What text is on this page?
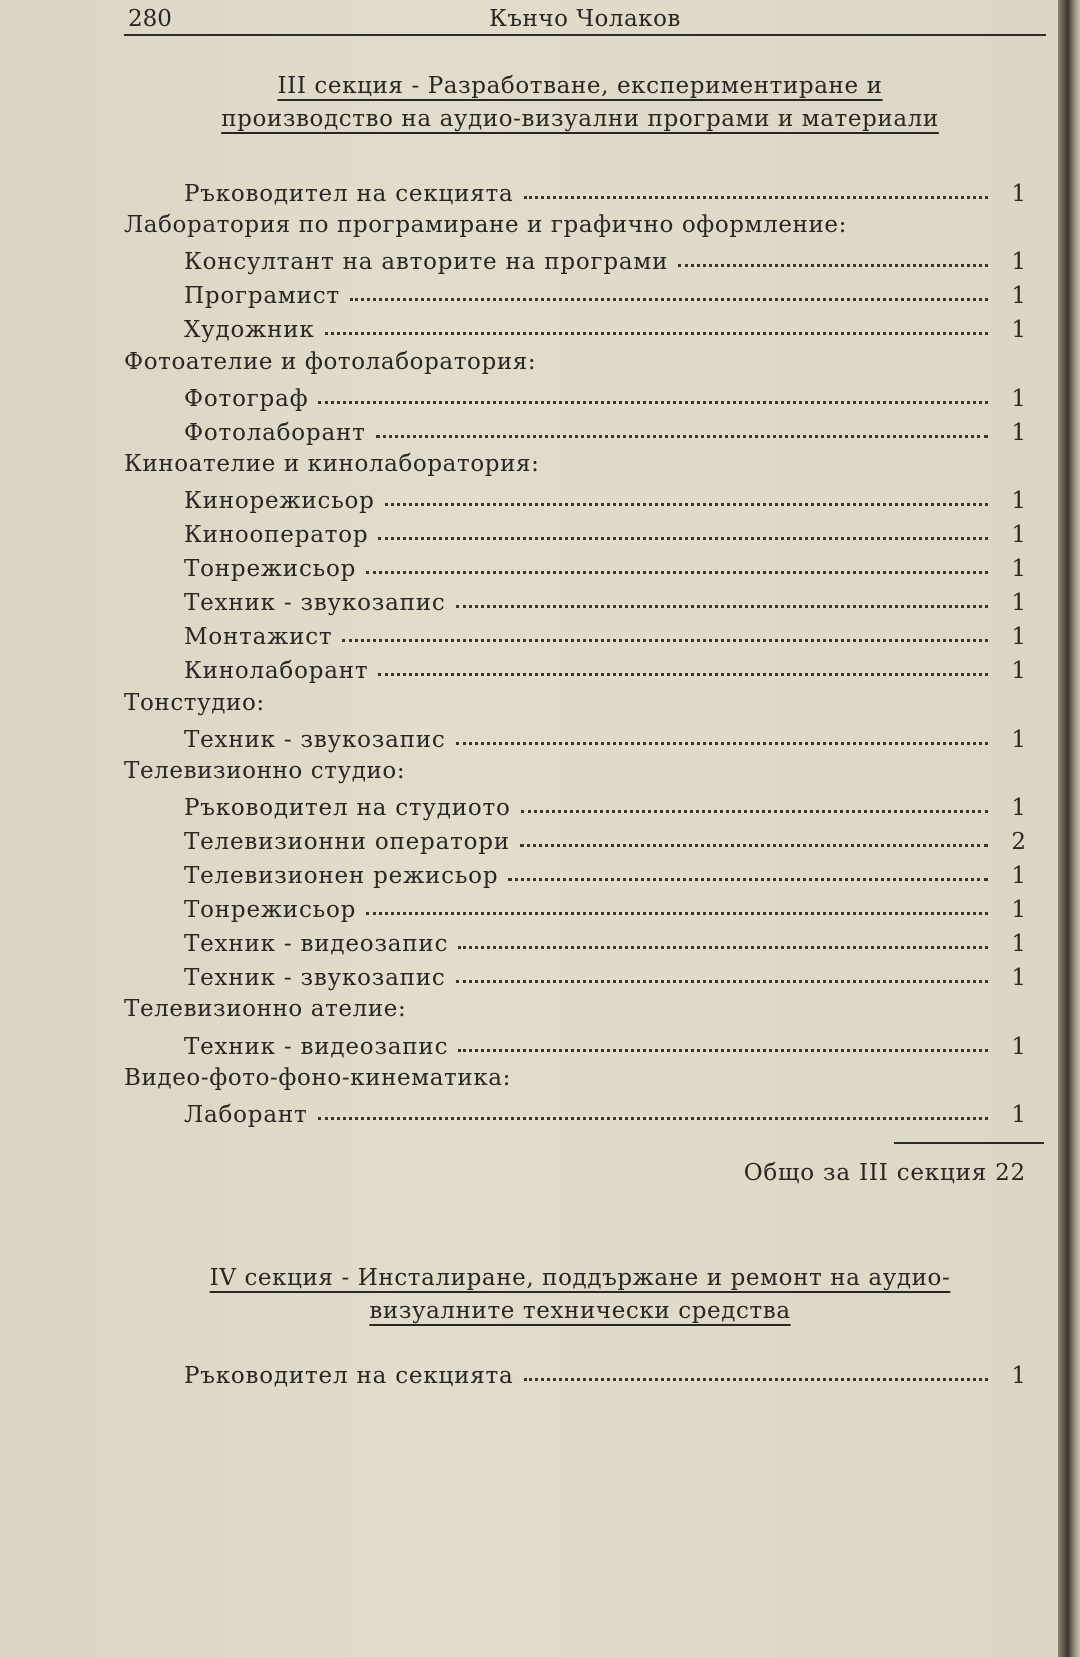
280	Кънчо Чолаков
III секция - Разработване, експериментиране и
производство на аудио-визуални програми и материали
Ръководител на секцията	1
Лаборатория по програмиране и графично оформление:
Консултант на авторите на програми	1
Програмист	1
Художник	1
Фотоателие и фотолаборатория:
Фотограф	1
Фотолаборант	1
Киноателие и кинолаборатория:
Кинорежисьор	1
Кинооператор	1
Тонрежисьор	1
Техник - звукозапис	1
Монтажист	1
Кинолаборант	1
Тонстудио:
Техник - звукозапис	1
Телевизионно студио:
Ръководител на студиото	1
Телевизионни оператори	2
Телевизионен режисьор	1
Тонрежисьор	1
Техник - видеозапис	1
Техник - звукозапис	1
Телевизионно ателие:
Техник - видеозапис	1
Видео-фото-фоно-кинематика:
Лаборант	1
Общо за III секция 22
IV секция - Инсталиране, поддържане и ремонт на аудио-
визуалните технически средства
Ръководител на секцията	1
